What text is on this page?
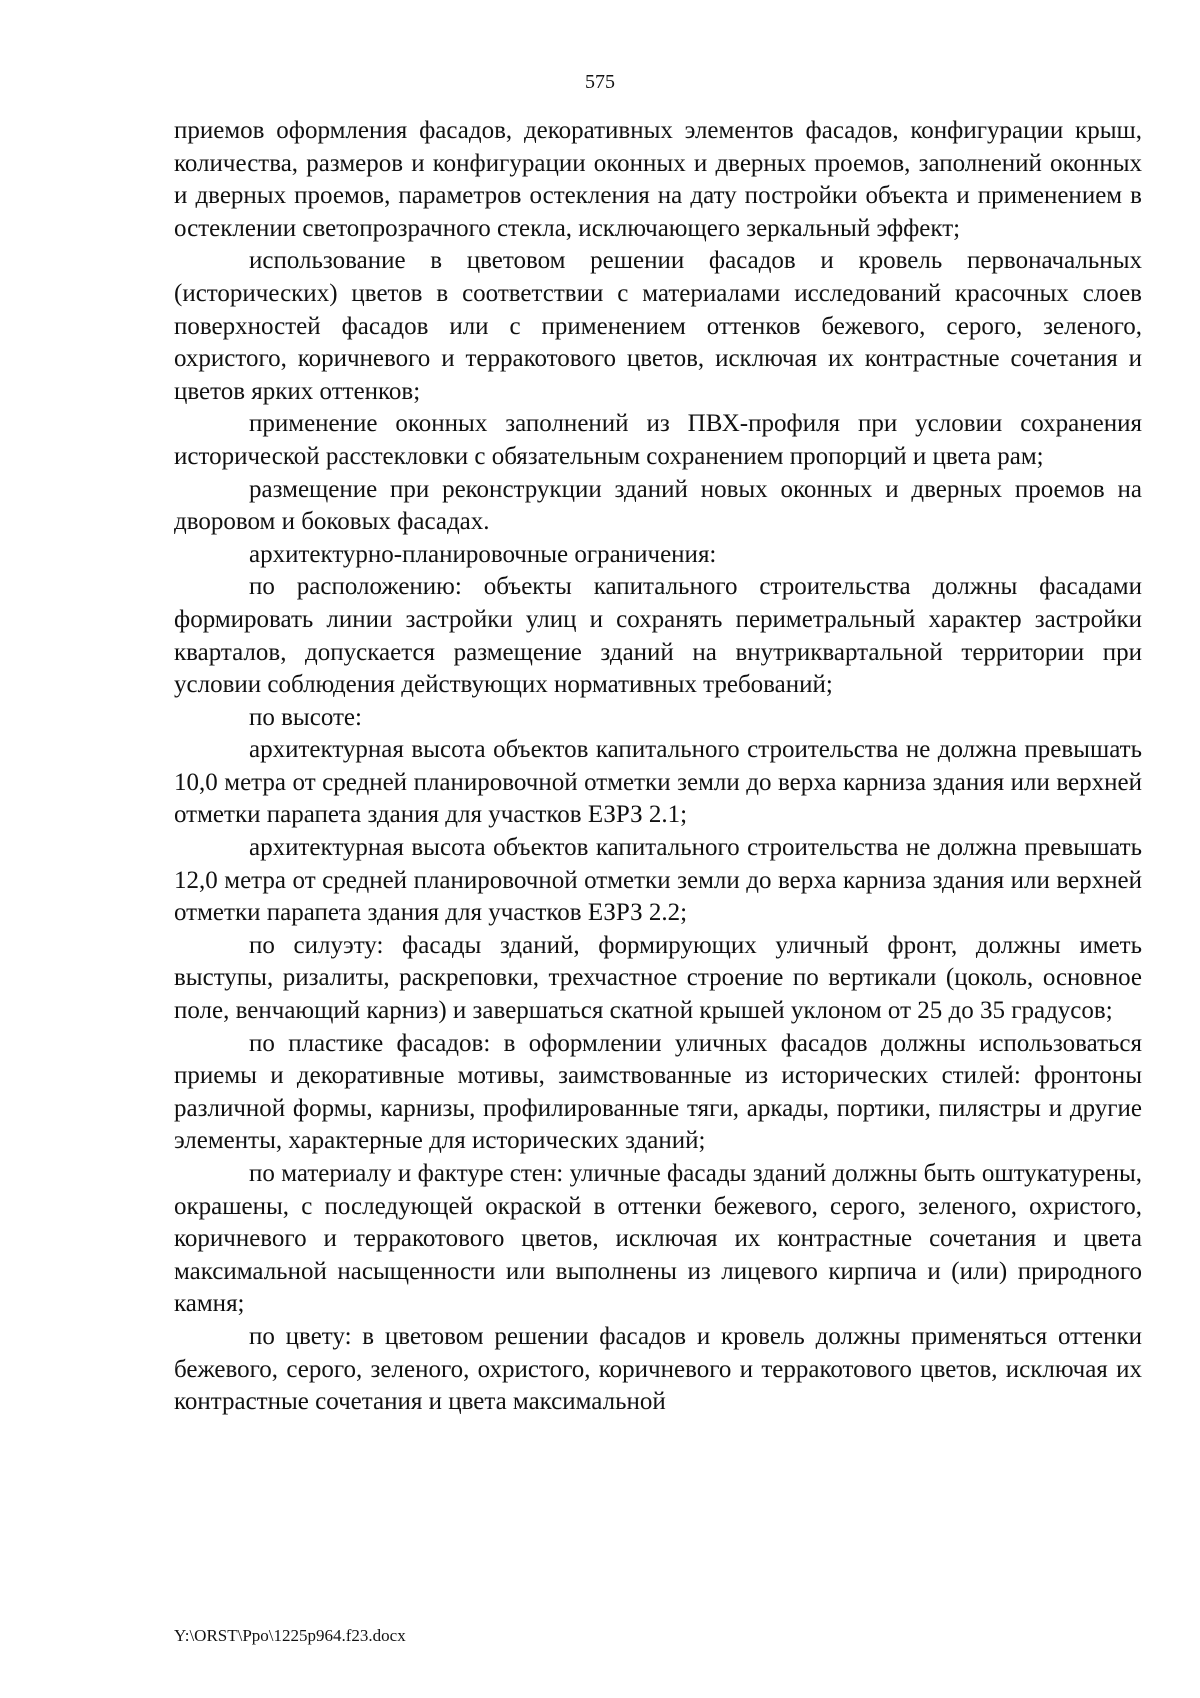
575

приемов оформления фасадов, декоративных элементов фасадов, конфигурации крыш, количества, размеров и конфигурации оконных и дверных проемов, заполнений оконных и дверных проемов, параметров остекления на дату постройки объекта и применением в остеклении светопрозрачного стекла, исключающего зеркальный эффект;

использование в цветовом решении фасадов и кровель первоначальных (исторических) цветов в соответствии с материалами исследований красочных слоев поверхностей фасадов или с применением оттенков бежевого, серого, зеленого, охристого, коричневого и терракотового цветов, исключая их контрастные сочетания и цветов ярких оттенков;

применение оконных заполнений из ПВХ-профиля при условии сохранения исторической расстекловки с обязательным сохранением пропорций и цвета рам;

размещение при реконструкции зданий новых оконных и дверных проемов на дворовом и боковых фасадах.

архитектурно-планировочные ограничения:

по расположению: объекты капитального строительства должны фасадами формировать линии застройки улиц и сохранять периметральный характер застройки кварталов, допускается размещение зданий на внутриквартальной территории при условии соблюдения действующих нормативных требований;

по высоте:

архитектурная высота объектов капитального строительства не должна превышать 10,0 метра от средней планировочной отметки земли до верха карниза здания или верхней отметки парапета здания для участков ЕЗРЗ 2.1;

архитектурная высота объектов капитального строительства не должна превышать 12,0 метра от средней планировочной отметки земли до верха карниза здания или верхней отметки парапета здания для участков ЕЗРЗ 2.2;

по силуэту: фасады зданий, формирующих уличный фронт, должны иметь выступы, ризалиты, раскреповки, трехчастное строение по вертикали (цоколь, основное поле, венчающий карниз) и завершаться скатной крышей уклоном от 25 до 35 градусов;

по пластике фасадов: в оформлении уличных фасадов должны использоваться приемы и декоративные мотивы, заимствованные из исторических стилей: фронтоны различной формы, карнизы, профилированные тяги, аркады, портики, пилястры и другие элементы, характерные для исторических зданий;

по материалу и фактуре стен: уличные фасады зданий должны быть оштукатурены, окрашены, с последующей окраской в оттенки бежевого, серого, зеленого, охристого, коричневого и терракотового цветов, исключая их контрастные сочетания и цвета максимальной насыщенности или выполнены из лицевого кирпича и (или) природного камня;

по цвету: в цветовом решении фасадов и кровель должны применяться оттенки бежевого, серого, зеленого, охристого, коричневого и терракотового цветов, исключая их контрастные сочетания и цвета максимальной

Y:\ORST\Ppo\1225p964.f23.docx
